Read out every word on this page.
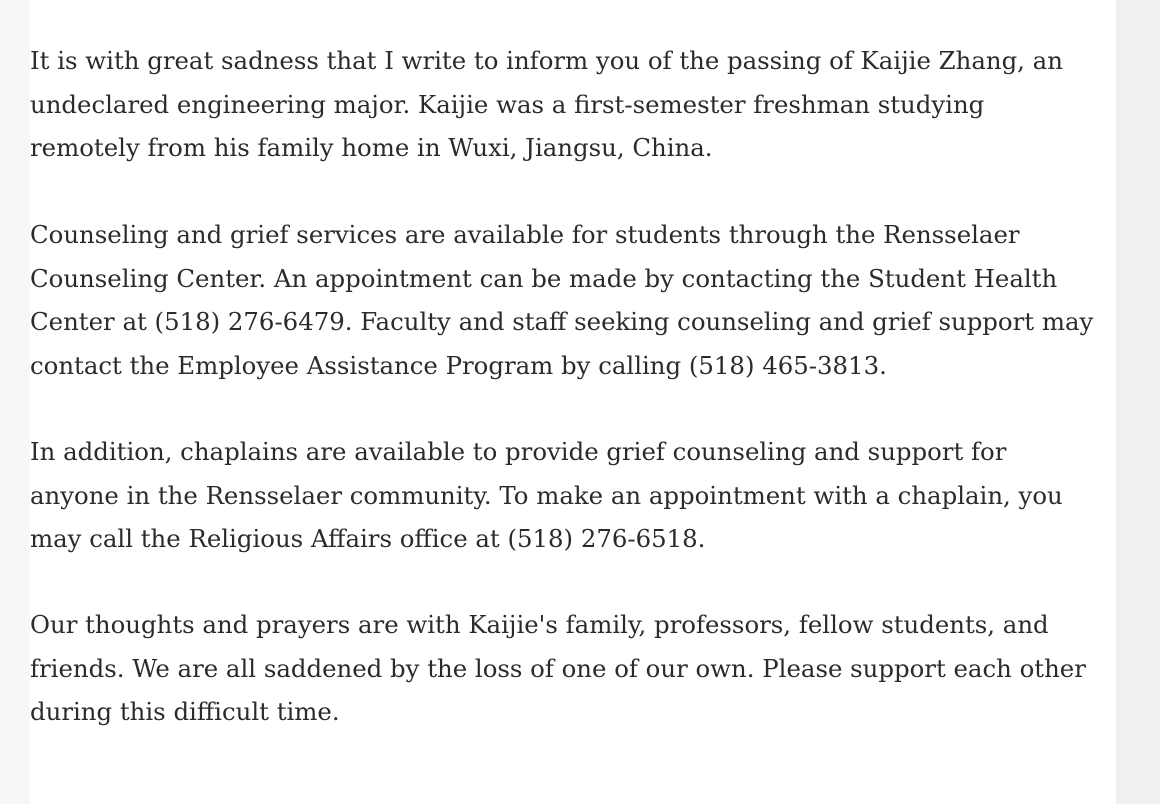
It is with great sadness that I write to inform you of the passing of Kaijie Zhang, an
undeclared engineering major. Kaijie was a first-semester freshman studying
remotely from his family home in Wuxi, Jiangsu, China.

Counseling and grief services are available for students through the Rensselaer
Counseling Center. An appointment can be made by contacting the Student Health
Center at (518) 276-6479. Faculty and staff seeking counseling and grief support may
contact the Employee Assistance Program by calling (518) 465-3813.

In addition, chaplains are available to provide grief counseling and support for
anyone in the Rensselaer community. To make an appointment with a chaplain, you
may call the Religious Affairs office at (518) 276-6518.

Our thoughts and prayers are with Kaijie's family, professors, fellow students, and
friends. We are all saddened by the loss of one of our own. Please support each other
during this difficult time.
